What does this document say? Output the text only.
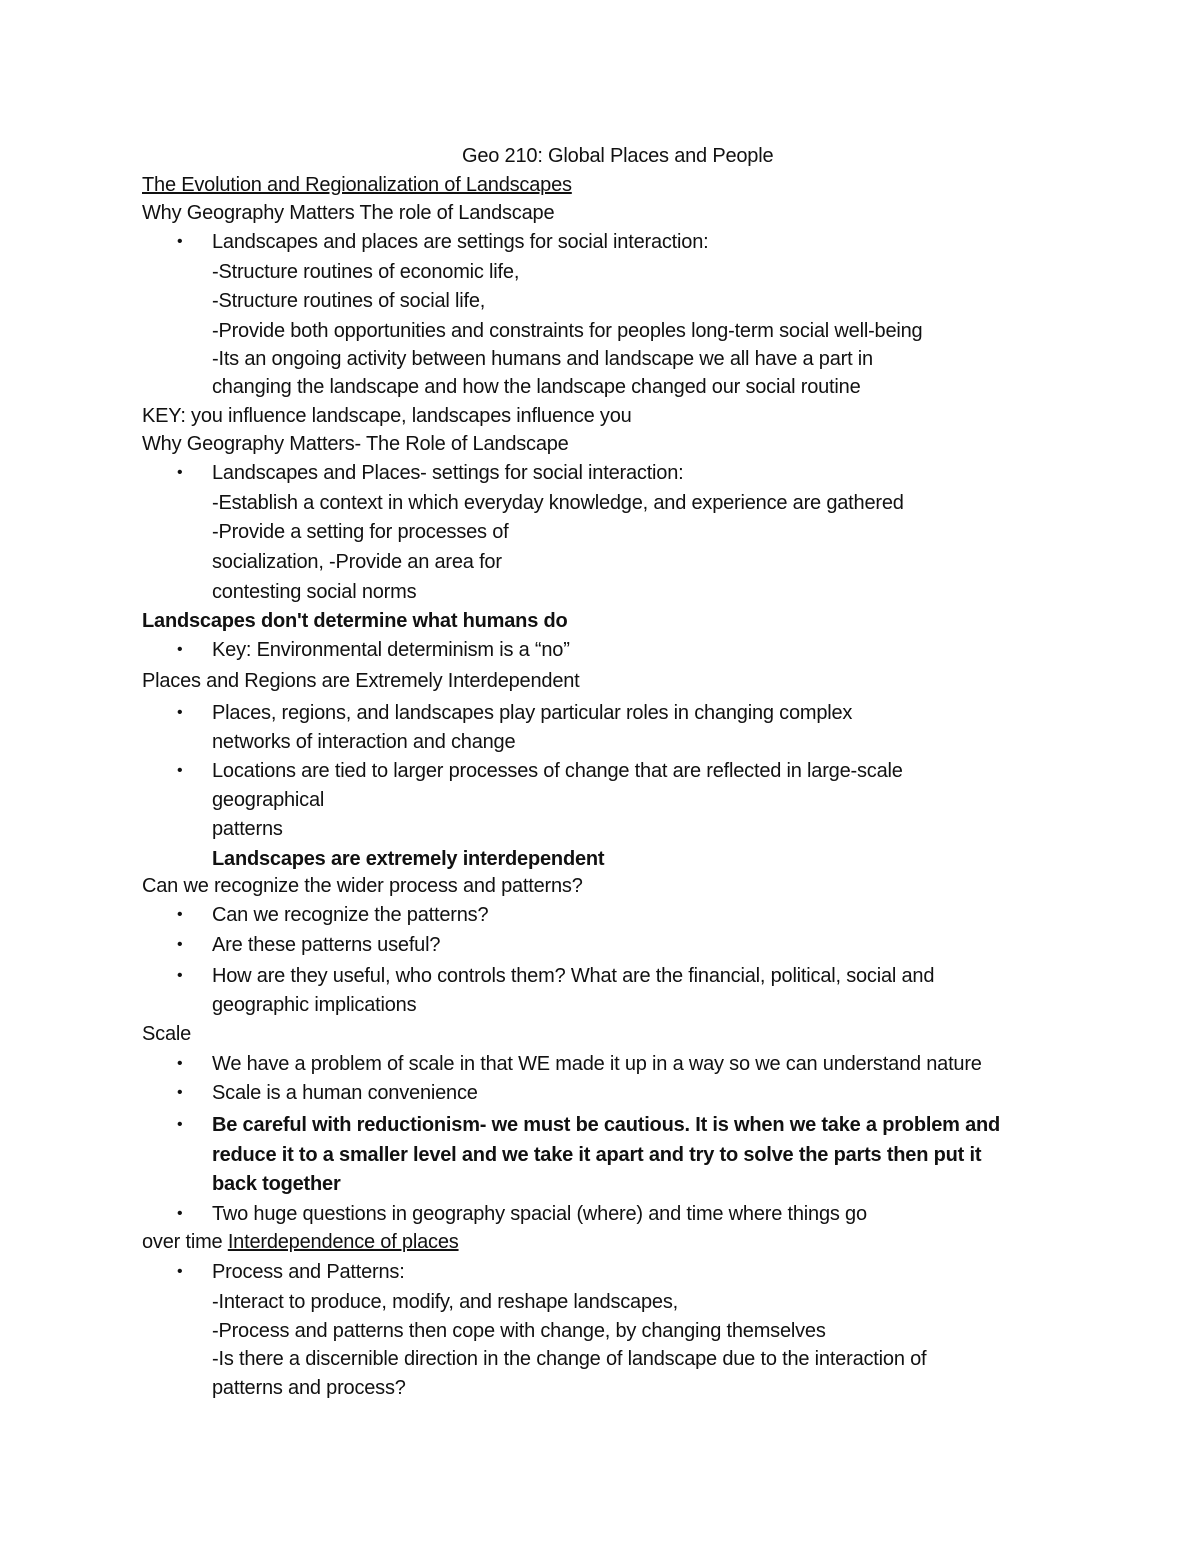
Geo 210: Global Places and People
The Evolution and Regionalization of Landscapes
Why Geography Matters The role of Landscape
• Landscapes and places are settings for social interaction:
-Structure routines of economic life,
-Structure routines of social life,
-Provide both opportunities and constraints for peoples long-term social well-being
-Its an ongoing activity between humans and landscape we all have a part in
changing the landscape and how the landscape changed our social routine
KEY: you influence landscape, landscapes influence you
Why Geography Matters- The Role of Landscape
• Landscapes and Places- settings for social interaction:
-Establish a context in which everyday knowledge, and experience are gathered
-Provide a setting for processes of
socialization, -Provide an area for
contesting social norms
Landscapes don't determine what humans do
• Key: Environmental determinism is a “no”
Places and Regions are Extremely Interdependent
• Places, regions, and landscapes play particular roles in changing complex
networks of interaction and change
• Locations are tied to larger processes of change that are reflected in large-scale
geographical
patterns
Landscapes are extremely interdependent
Can we recognize the wider process and patterns?
• Can we recognize the patterns?
• Are these patterns useful?
• How are they useful, who controls them? What are the financial, political, social and
geographic implications
Scale
• We have a problem of scale in that WE made it up in a way so we can understand nature
• Scale is a human convenience
• Be careful with reductionism- we must be cautious. It is when we take a problem and
reduce it to a smaller level and we take it apart and try to solve the parts then put it
back together
• Two huge questions in geography spacial (where) and time where things go
over time Interdependence of places
• Process and Patterns:
-Interact to produce, modify, and reshape landscapes,
-Process and patterns then cope with change, by changing themselves
-Is there a discernible direction in the change of landscape due to the interaction of
patterns and process?
